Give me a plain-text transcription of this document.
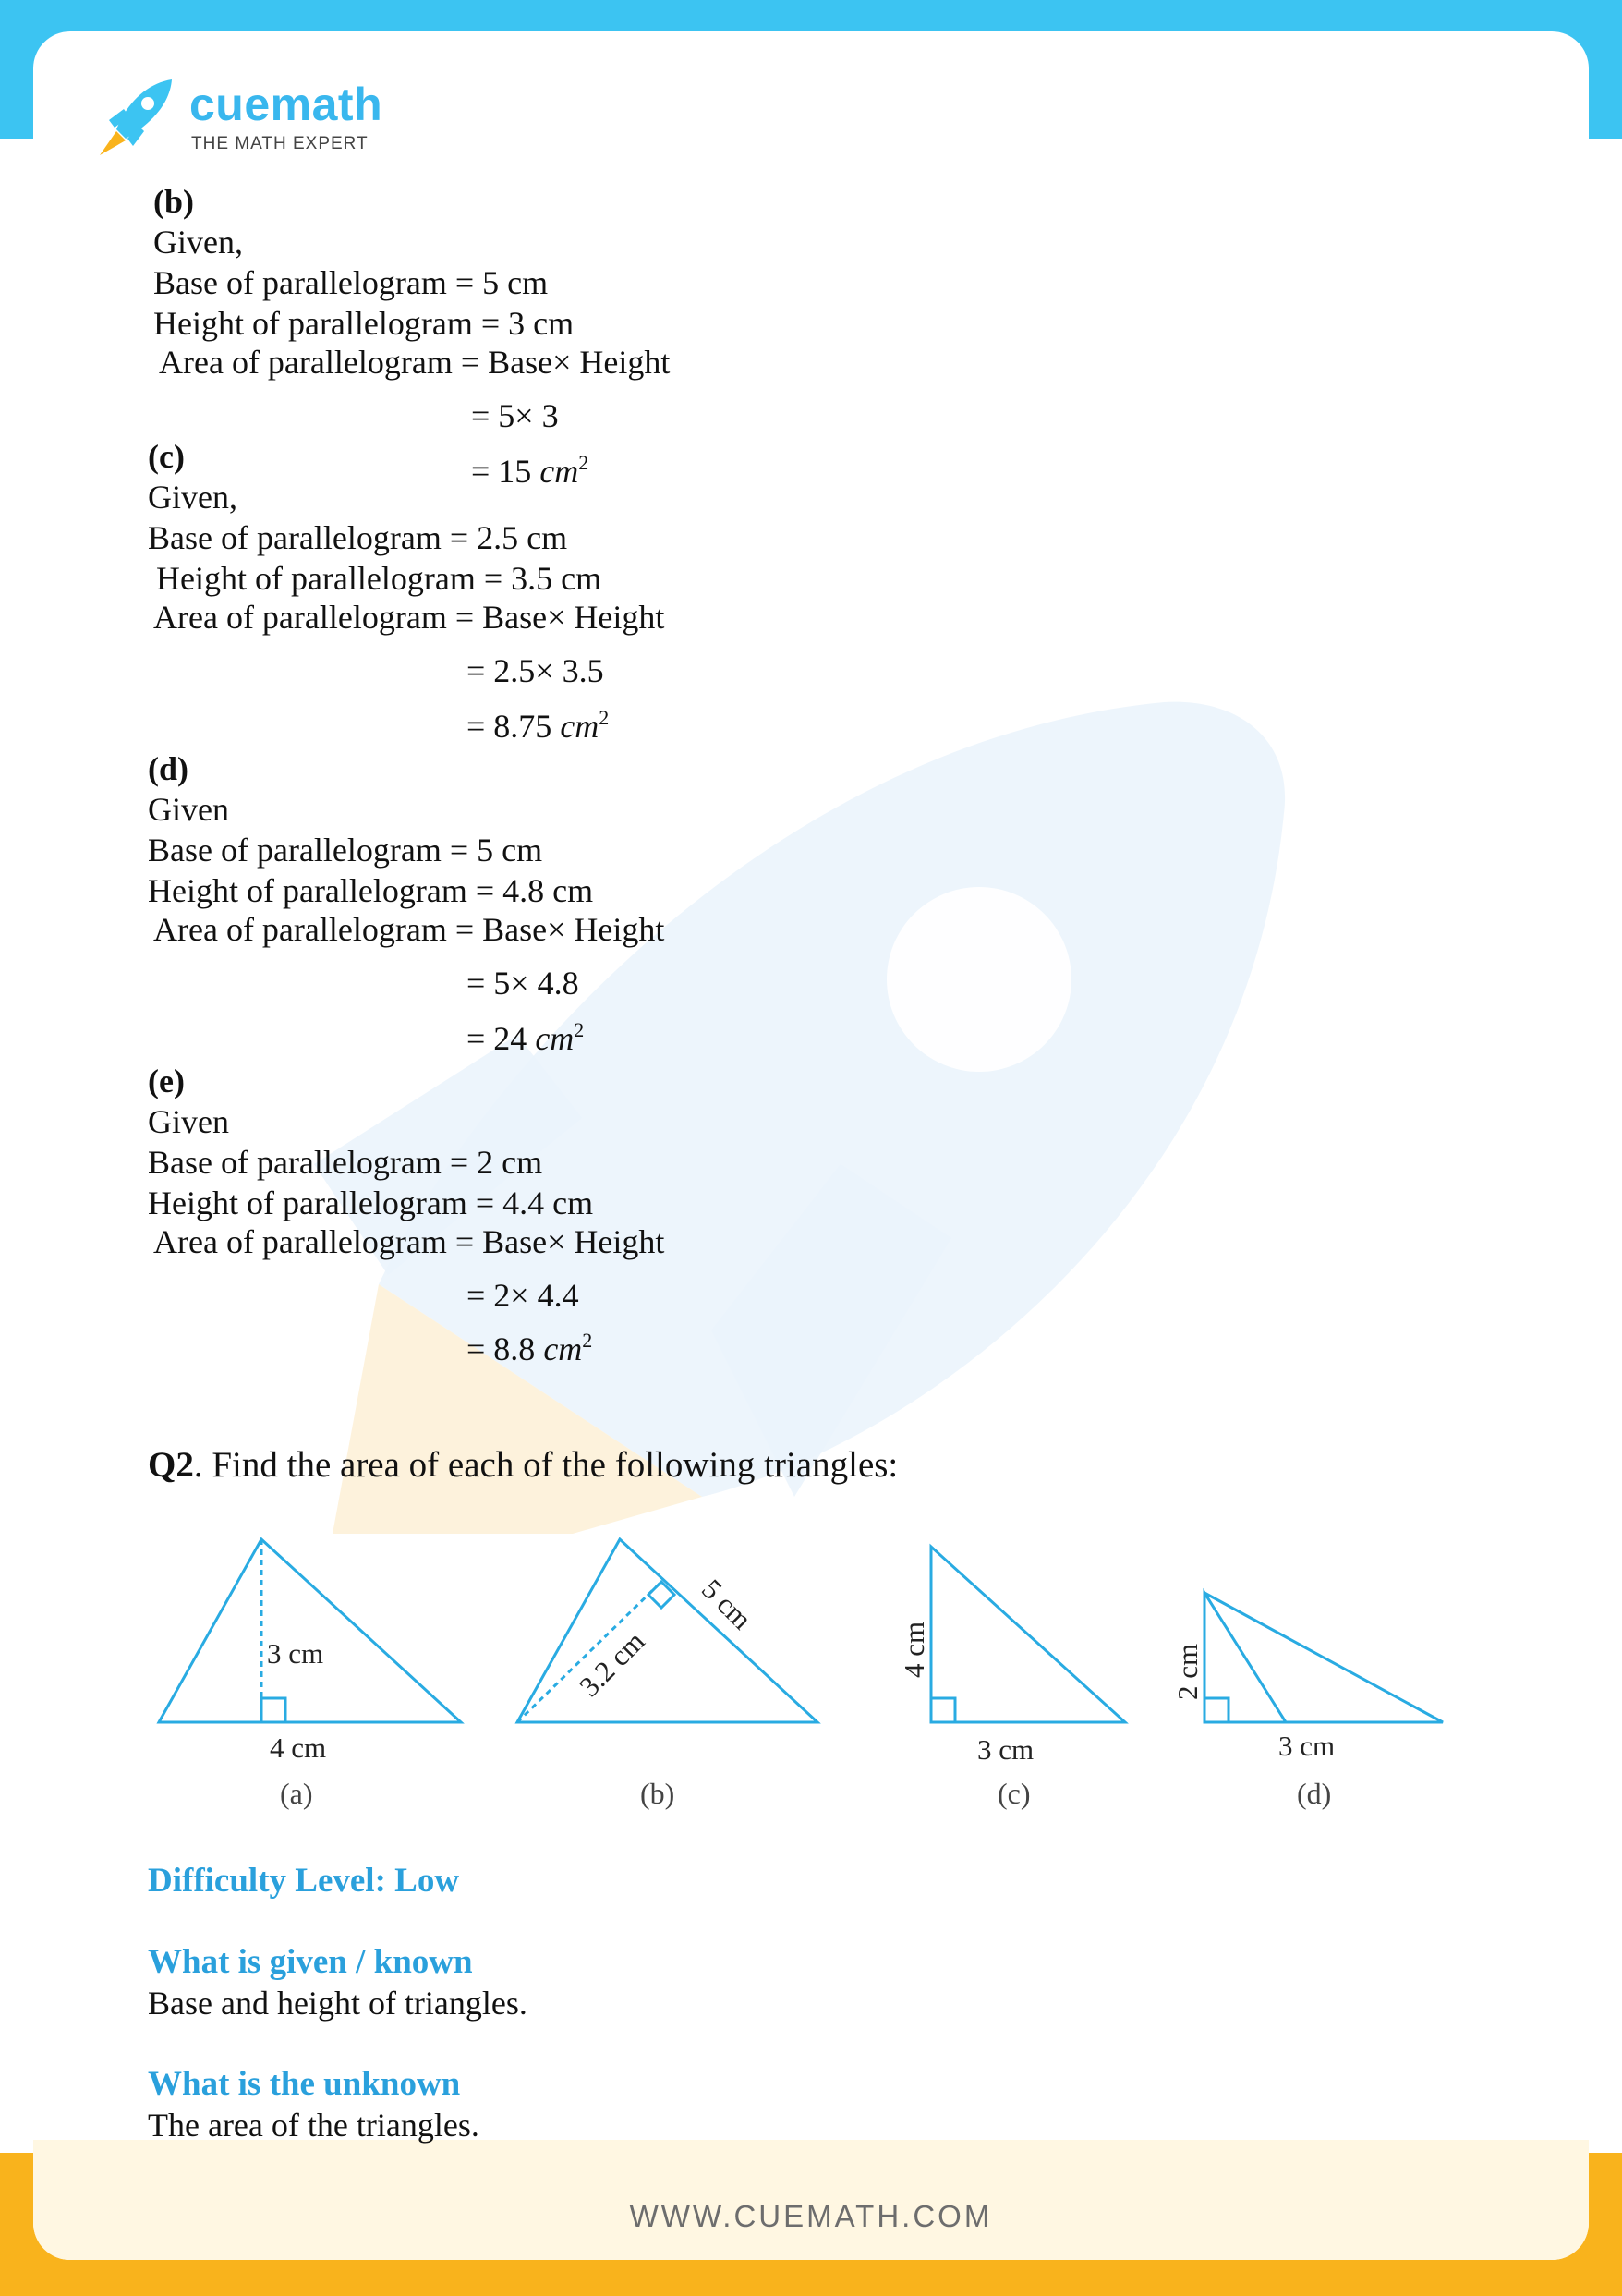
WWW.CUEMATH.COM
cuemath
THE MATH EXPERT
(b)
Given,
Base of parallelogram = 5 cm
Height of parallelogram = 3 cm
Area of parallelogram = Base× Height
= 5× 3
= 15 $cm^2$
(c)
Given,
Base of parallelogram = 2.5 cm
Height of parallelogram = 3.5 cm
Area of parallelogram = Base× Height
= 2.5× 3.5
= 8.75 $cm^2$
(d)
Given
Base of parallelogram = 5 cm
Height of parallelogram = 4.8 cm
Area of parallelogram = Base× Height
= 5× 4.8
= 24 $cm^2$
(e)
Given
Base of parallelogram = 2 cm
Height of parallelogram = 4.4 cm
Area of parallelogram = Base× Height
= 2× 4.4
= 8.8 $cm^2$
Q2. Find the area of each of the following triangles:
3 cm
4 cm
3.2 cm
5 cm
4 cm
3 cm
2 cm
3 cm
(a)	(b)	(c)	(d)
Difficulty Level: Low
What is given / known
Base and height of triangles.
What is the unknown
The area of the triangles.
